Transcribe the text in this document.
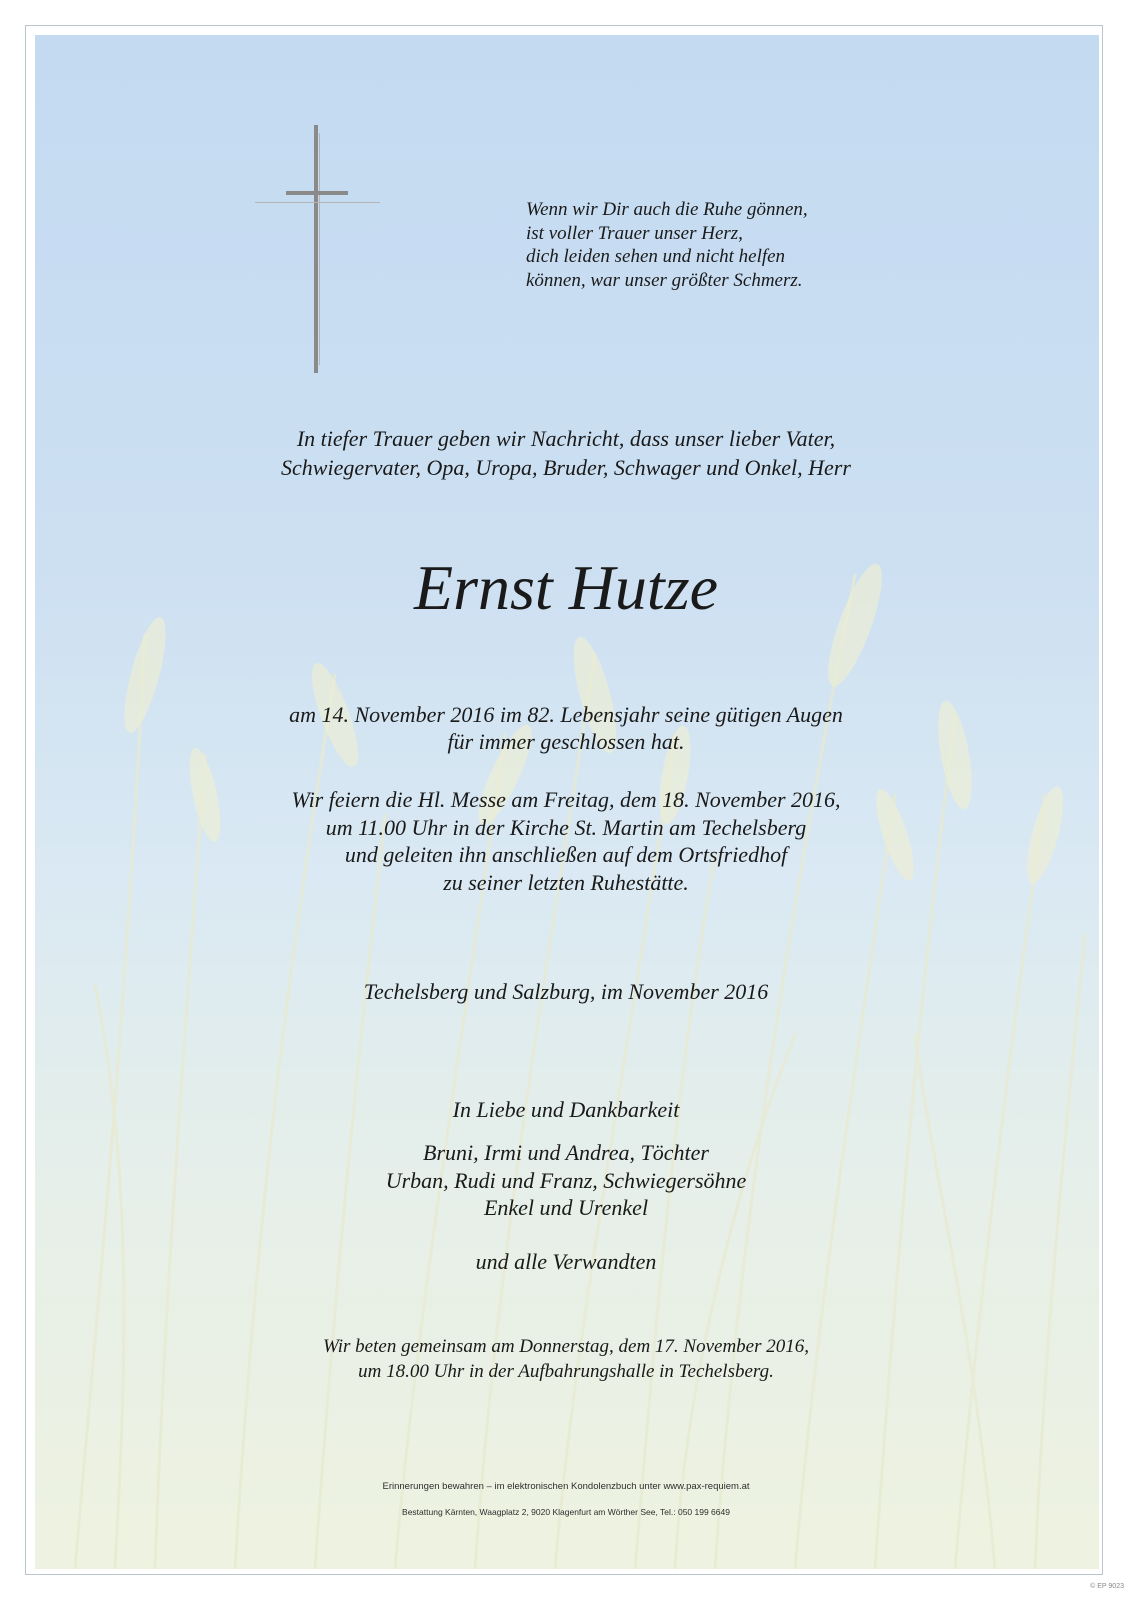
Wenn wir Dir auch die Ruhe gönnen,
ist voller Trauer unser Herz,
dich leiden sehen und nicht helfen
können, war unser größter Schmerz.
In tiefer Trauer geben wir Nachricht, dass unser lieber Vater,
Schwiegervater, Opa, Uropa, Bruder, Schwager und Onkel, Herr
Ernst Hutze
am 14. November 2016 im 82. Lebensjahr seine gütigen Augen
für immer geschlossen hat.
Wir feiern die Hl. Messe am Freitag, dem 18. November 2016,
um 11.00 Uhr in der Kirche St. Martin am Techelsberg
und geleiten ihn anschließen auf dem Ortsfriedhof
zu seiner letzten Ruhestätte.

Techelsberg und Salzburg, im November 2016

In Liebe und Dankbarkeit

Bruni, Irmi und Andrea, Töchter
Urban, Rudi und Franz, Schwiegersöhne
Enkel und Urenkel

und alle Verwandten

Wir beten gemeinsam am Donnerstag, dem 17. November 2016,
um 18.00 Uhr in der Aufbahrungshalle in Techelsberg.

Erinnerungen bewahren – im elektronischen Kondolenzbuch unter www.pax-requiem.at

Bestattung Kärnten, Waagplatz 2, 9020 Klagenfurt am Wörther See, Tel.: 050 199 6649

© EP 9023
